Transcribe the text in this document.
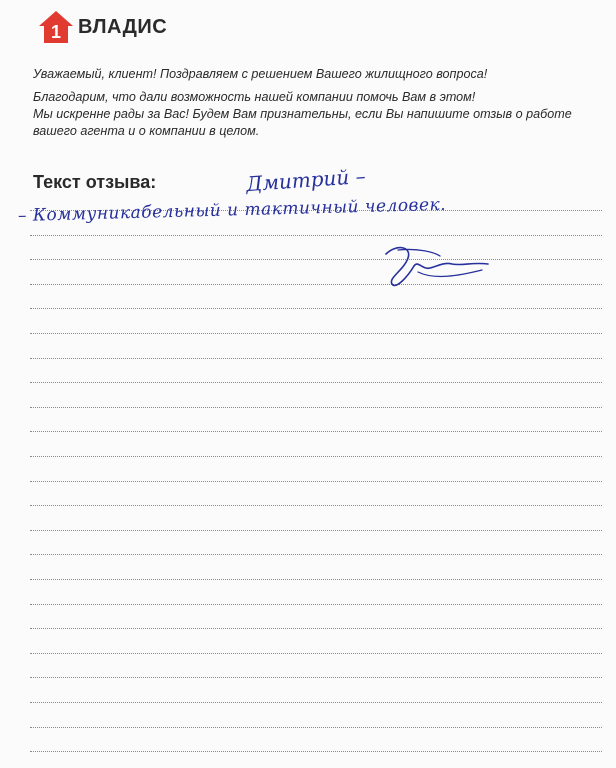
1 ВЛАДИС

Уважаемый, клиент! Поздравляем с решением Вашего жилищного вопроса!

Благодарим, что дали возможность нашей компании помочь Вам в этом!

Мы искренне рады за Вас! Будем Вам признательны, если Вы напишите отзыв о работе

вашего агента и о компании в целом.

Текст отзыва:	Дмитрий –
– Коммуникабельный и тактичный человек.
